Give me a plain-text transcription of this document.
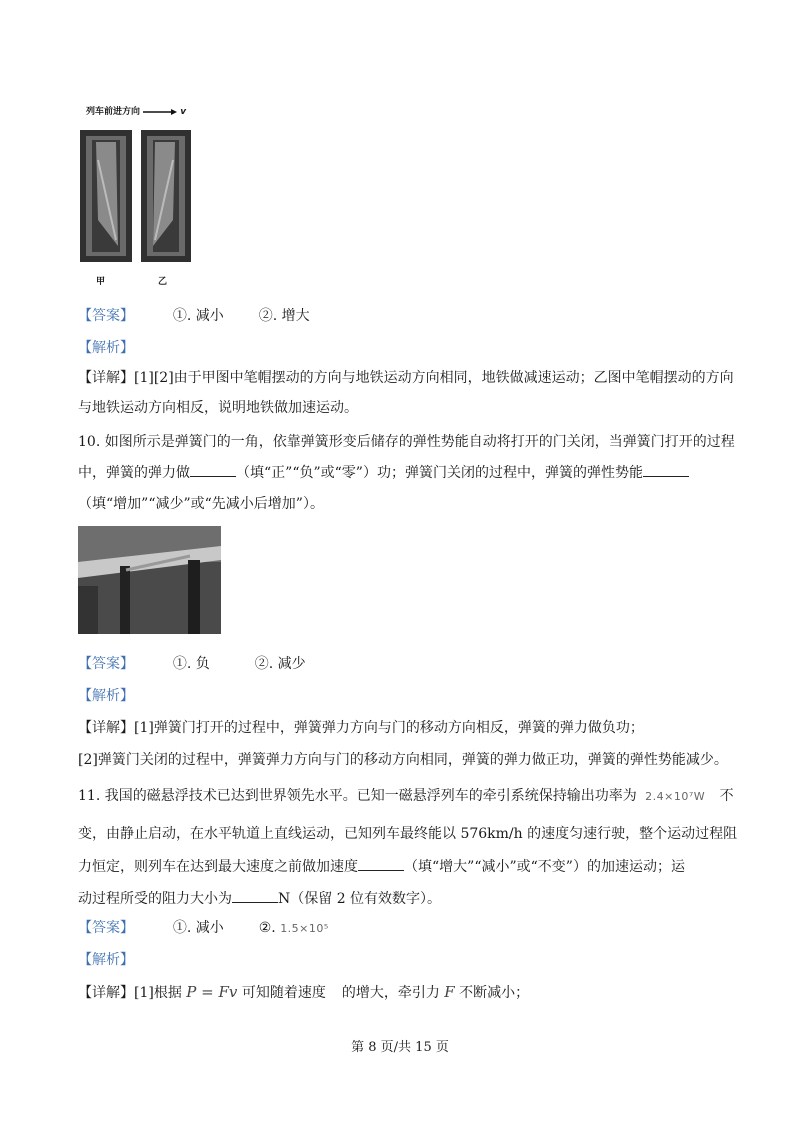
列车前进方向	v
甲	乙
【答案】	①. 减小 ②. 增大
【解析】
【详解】[1][2]由于甲图中笔帽摆动的方向与地铁运动方向相同，地铁做减速运动；乙图中笔帽摆动的方向
与地铁运动方向相反，说明地铁做加速运动。
10. 如图所示是弹簧门的一角，依靠弹簧形变后储存的弹性势能自动将打开的门关闭，当弹簧门打开的过程
中，弹簧的弹力做	（填“正”“负”或“零”）功；弹簧门关闭的过程中，弹簧的弹性势能
（填“增加”“减少”或“先减小后增加”）。
【答案】	①. 负	②. 减少
【解析】
【详解】[1]弹簧门打开的过程中，弹簧弹力方向与门的移动方向相反，弹簧的弹力做负功；
[2]弹簧门关闭的过程中，弹簧弹力方向与门的移动方向相同，弹簧的弹力做正功，弹簧的弹性势能减少。
11. 我国的磁悬浮技术已达到世界领先水平。已知一磁悬浮列车的牵引系统保持输出功率为 2.4×10⁷W 不
变，由静止启动，在水平轨道上直线运动，已知列车最终能以 576km/h 的速度匀速行驶，整个运动过程阻
力恒定，则列车在达到最大速度之前做加速度	（填“增大”“减小”或“不变”）的加速运动；运
动过程所受的阻力大小为	N（保留 2 位有效数字）。
【答案】	①. 减小 ②. 1.5×10⁵
【解析】
【详解】[1]根据 P = Fv 可知随着速度 的增大，牵引力 F 不断减小；
第 8 页/共 15 页
